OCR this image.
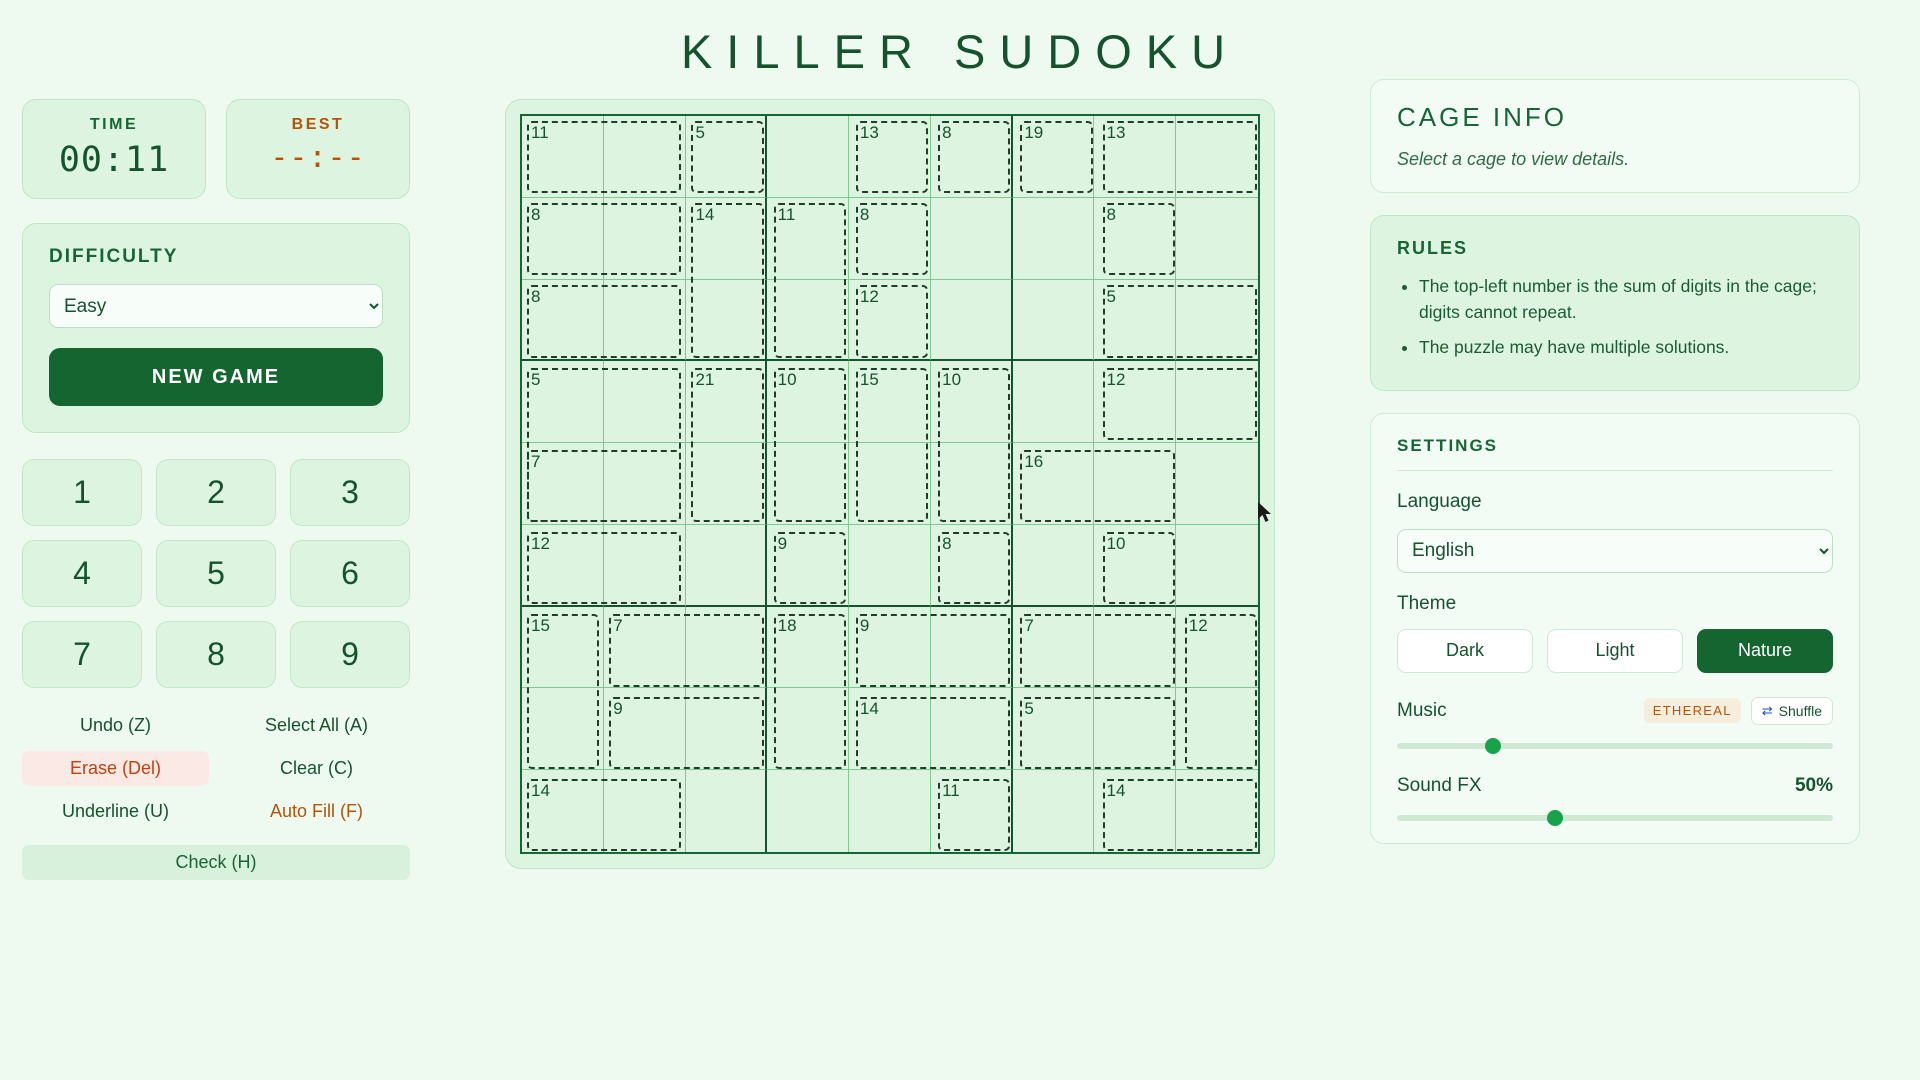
KILLER SUDOKU
TIME
00:11
BEST
--:--
DIFFICULTY
Easy NEW GAME
1	2	3
4	5	6
7	8	9
Undo (Z)	Select All (A)
Erase (Del)	Clear (C)
Underline (U)	Auto Fill (F)
Check (H)
11	5	13	8	19	13
8	14	11	8	8
8	12	5
5	21	10	15	10	12
7	16
12	9	8	10
15	7	18	9	7	12
9	14	5
14	11	14
CAGE INFO
Select a cage to view details.
RULES
• The top-left number is the sum of digits in the cage; digits cannot repeat.
• The puzzle may have multiple solutions.
SETTINGS
Language
English
Theme
Dark	Light	Nature
Music	ETHEREAL	⇄ Shuffle
Sound FX	50%
